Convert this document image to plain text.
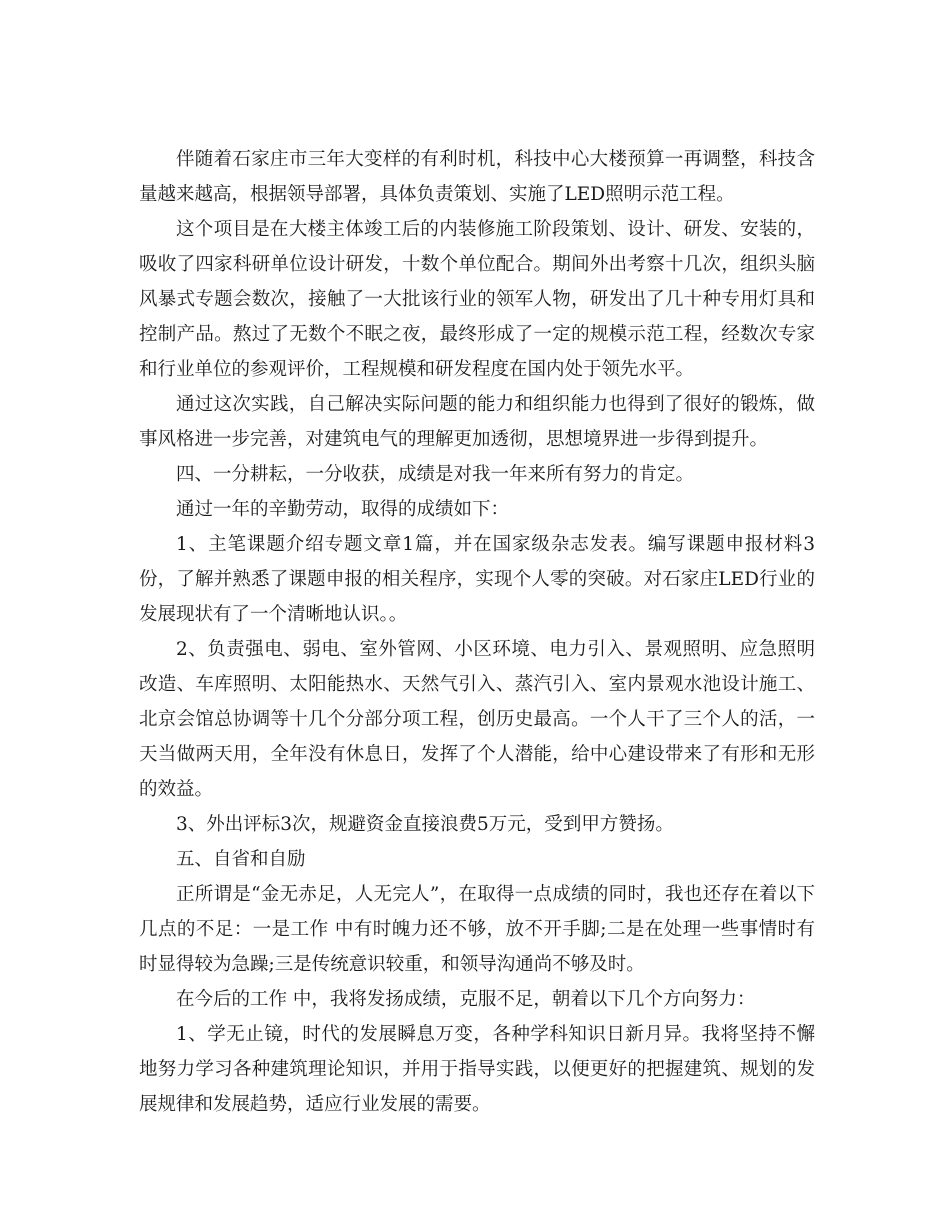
伴随着石家庄市三年大变样的有利时机，科技中心大楼预算一再调整，科技含量越来越高，根据领导部署，具体负责策划、实施了LED照明示范工程。

这个项目是在大楼主体竣工后的内装修施工阶段策划、设计、研发、安装的，吸收了四家科研单位设计研发，十数个单位配合。期间外出考察十几次，组织头脑风暴式专题会数次，接触了一大批该行业的领军人物，研发出了几十种专用灯具和控制产品。熬过了无数个不眠之夜，最终形成了一定的规模示范工程，经数次专家和行业单位的参观评价，工程规模和研发程度在国内处于领先水平。

通过这次实践，自己解决实际问题的能力和组织能力也得到了很好的锻炼，做事风格进一步完善，对建筑电气的理解更加透彻，思想境界进一步得到提升。

四、一分耕耘，一分收获，成绩是对我一年来所有努力的肯定。

通过一年的辛勤劳动，取得的成绩如下：

1、主笔课题介绍专题文章1篇，并在国家级杂志发表。编写课题申报材料3份，了解并熟悉了课题申报的相关程序，实现个人零的突破。对石家庄LED行业的发展现状有了一个清晰地认识。。

2、负责强电、弱电、室外管网、小区环境、电力引入、景观照明、应急照明改造、车库照明、太阳能热水、天然气引入、蒸汽引入、室内景观水池设计施工、北京会馆总协调等十几个分部分项工程，创历史最高。一个人干了三个人的活，一天当做两天用，全年没有休息日，发挥了个人潜能，给中心建设带来了有形和无形的效益。

3、外出评标3次，规避资金直接浪费5万元，受到甲方赞扬。

五、自省和自励

正所谓是“金无赤足，人无完人”，在取得一点成绩的同时，我也还存在着以下几点的不足：一是工作 中有时魄力还不够，放不开手脚;二是在处理一些事情时有时显得较为急躁;三是传统意识较重，和领导沟通尚不够及时。

在今后的工作 中，我将发扬成绩，克服不足，朝着以下几个方向努力：

1、学无止镜，时代的发展瞬息万变，各种学科知识日新月异。我将坚持不懈地努力学习各种建筑理论知识，并用于指导实践，以便更好的把握建筑、规划的发展规律和发展趋势，适应行业发展的需要。
